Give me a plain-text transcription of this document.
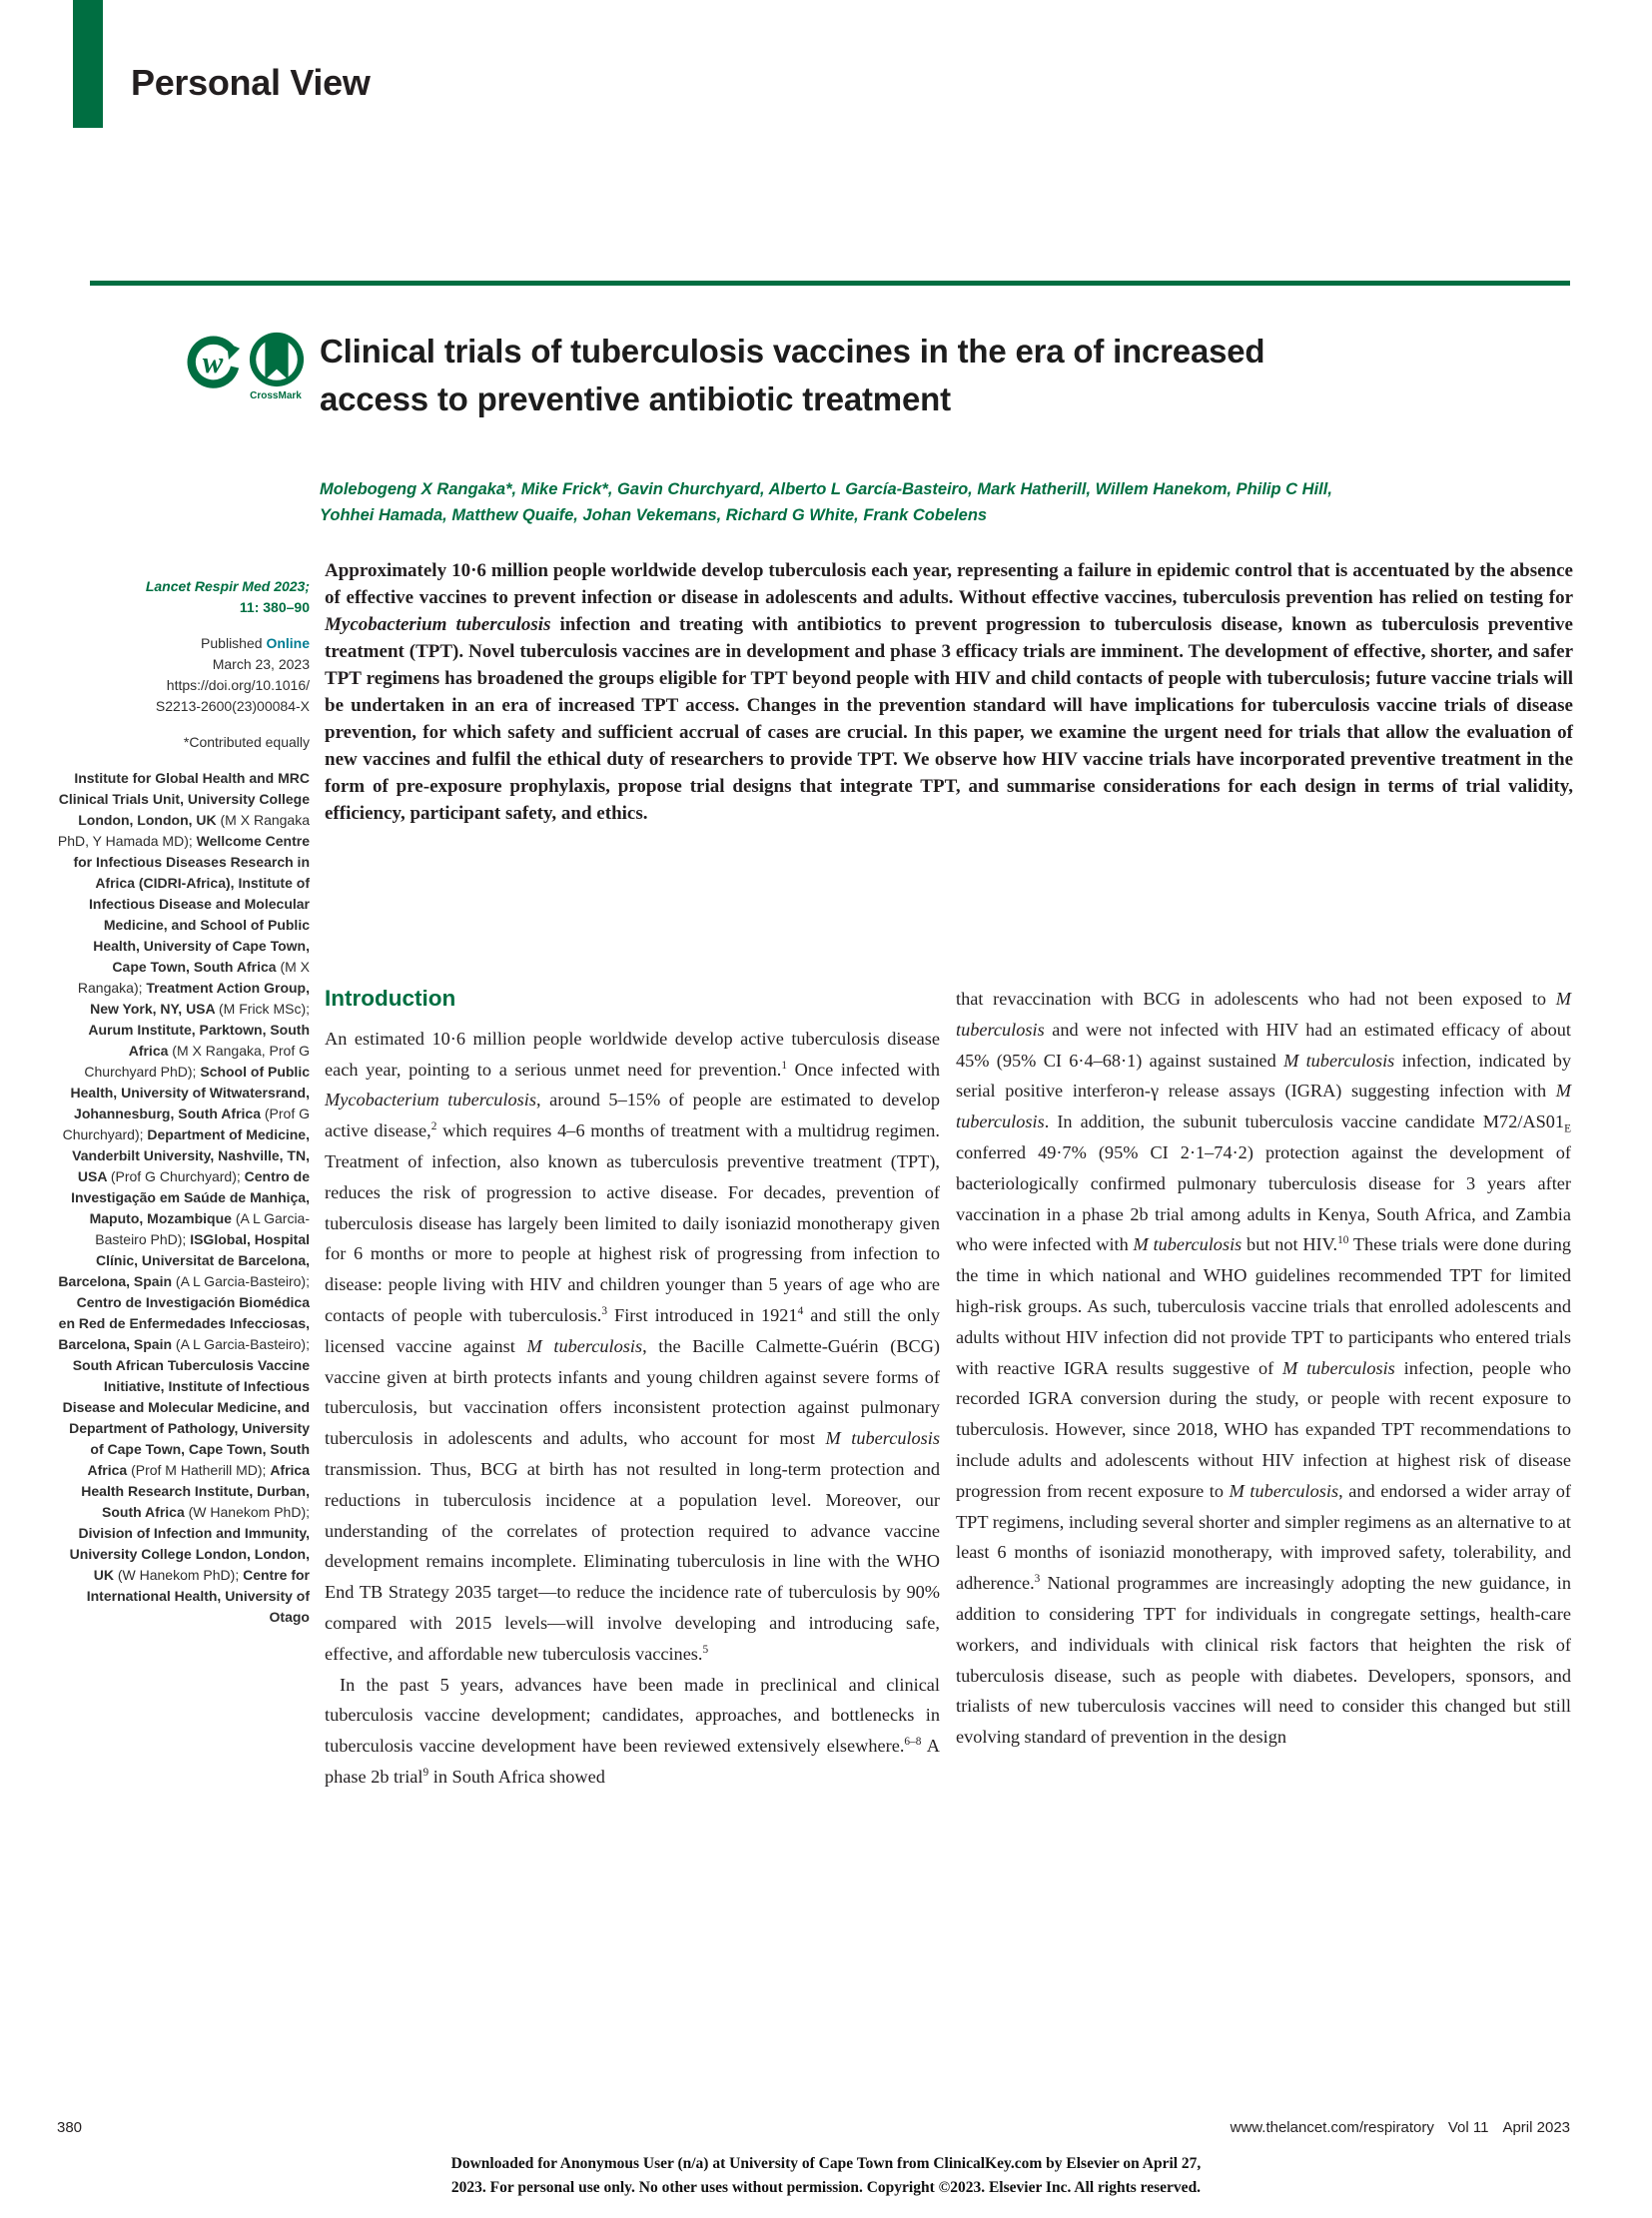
Personal View
w
CrossMark
Clinical trials of tuberculosis vaccines in the era of increased
access to preventive antibiotic treatment

Molebogeng X Rangaka*, Mike Frick*, Gavin Churchyard, Alberto L García-Basteiro, Mark Hatherill, Willem Hanekom, Philip C Hill,
Yohhei Hamada, Matthew Quaife, Johan Vekemans, Richard G White, Frank Cobelens

Lancet Respir Med 2023;
11: 380–90

Published Online
March 23, 2023
https://doi.org/10.1016/
S2213-2600(23)00084-X

*Contributed equally

Institute for Global Health and MRC Clinical Trials Unit, University College London, London, UK (M X Rangaka PhD, Y Hamada MD); Wellcome Centre for Infectious Diseases Research in Africa (CIDRI-Africa), Institute of Infectious Disease and Molecular Medicine, and School of Public Health, University of Cape Town, Cape Town, South Africa (M X Rangaka); Treatment Action Group, New York, NY, USA (M Frick MSc); Aurum Institute, Parktown, South Africa (M X Rangaka, Prof G Churchyard PhD); School of Public Health, University of Witwatersrand, Johannesburg, South Africa (Prof G Churchyard); Department of Medicine, Vanderbilt University, Nashville, TN, USA (Prof G Churchyard); Centro de Investigação em Saúde de Manhiça, Maputo, Mozambique (A L Garcia-Basteiro PhD); ISGlobal, Hospital Clínic, Universitat de Barcelona, Barcelona, Spain (A L Garcia-Basteiro); Centro de Investigación Biomédica en Red de Enfermedades Infecciosas, Barcelona, Spain (A L Garcia-Basteiro); South African Tuberculosis Vaccine Initiative, Institute of Infectious Disease and Molecular Medicine, and Department of Pathology, University of Cape Town, Cape Town, South Africa (Prof M Hatherill MD); Africa Health Research Institute, Durban, South Africa (W Hanekom PhD); Division of Infection and Immunity, University College London, London, UK (W Hanekom PhD); Centre for International Health, University of Otago

Approximately 10·6 million people worldwide develop tuberculosis each year, representing a failure in epidemic control that is accentuated by the absence of effective vaccines to prevent infection or disease in adolescents and adults. Without effective vaccines, tuberculosis prevention has relied on testing for Mycobacterium tuberculosis infection and treating with antibiotics to prevent progression to tuberculosis disease, known as tuberculosis preventive treatment (TPT). Novel tuberculosis vaccines are in development and phase 3 efficacy trials are imminent. The development of effective, shorter, and safer TPT regimens has broadened the groups eligible for TPT beyond people with HIV and child contacts of people with tuberculosis; future vaccine trials will be undertaken in an era of increased TPT access. Changes in the prevention standard will have implications for tuberculosis vaccine trials of disease prevention, for which safety and sufficient accrual of cases are crucial. In this paper, we examine the urgent need for trials that allow the evaluation of new vaccines and fulfil the ethical duty of researchers to provide TPT. We observe how HIV vaccine trials have incorporated preventive treatment in the form of pre-exposure prophylaxis, propose trial designs that integrate TPT, and summarise considerations for each design in terms of trial validity, efficiency, participant safety, and ethics.
Introduction

An estimated 10·6 million people worldwide develop active tuberculosis disease each year, pointing to a serious unmet need for prevention.$^1$ Once infected with Mycobacterium tuberculosis, around 5–15% of people are estimated to develop active disease,$^2$ which requires 4–6 months of treatment with a multidrug regimen. Treatment of infection, also known as tuberculosis preventive treatment (TPT), reduces the risk of progression to active disease. For decades, prevention of tuberculosis disease has largely been limited to daily isoniazid monotherapy given for 6 months or more to people at highest risk of progressing from infection to disease: people living with HIV and children younger than 5 years of age who are contacts of people with tuberculosis.$^3$ First introduced in 1921$^4$ and still the only licensed vaccine against M tuberculosis, the Bacille Calmette-Guérin (BCG) vaccine given at birth protects infants and young children against severe forms of tuberculosis, but vaccination offers inconsistent protection against pulmonary tuberculosis in adolescents and adults, who account for most M tuberculosis transmission. Thus, BCG at birth has not resulted in long-term protection and reductions in tuberculosis incidence at a population level. Moreover, our understanding of the correlates of protection required to advance vaccine development remains incomplete. Eliminating tuberculosis in line with the WHO End TB Strategy 2035 target—to reduce the incidence rate of tuberculosis by 90% compared with 2015 levels—will involve developing and introducing safe, effective, and affordable new tuberculosis vaccines.$^5$

In the past 5 years, advances have been made in preclinical and clinical tuberculosis vaccine development; candidates, approaches, and bottlenecks in tuberculosis vaccine development have been reviewed extensively elsewhere.$^{6-8}$ A phase 2b trial$^9$ in South Africa showed

that revaccination with BCG in adolescents who had not been exposed to M tuberculosis and were not infected with HIV had an estimated efficacy of about 45% (95% CI 6·4–68·1) against sustained M tuberculosis infection, indicated by serial positive interferon-γ release assays (IGRA) suggesting infection with M tuberculosis. In addition, the subunit tuberculosis vaccine candidate $M72/AS01_E$ conferred 49·7% (95% CI 2·1–74·2) protection against the development of bacteriologically confirmed pulmonary tuberculosis disease for 3 years after vaccination in a phase 2b trial among adults in Kenya, South Africa, and Zambia who were infected with M tuberculosis but not HIV.$^{10}$ These trials were done during the time in which national and WHO guidelines recommended TPT for limited high-risk groups. As such, tuberculosis vaccine trials that enrolled adolescents and adults without HIV infection did not provide TPT to participants who entered trials with reactive IGRA results suggestive of M tuberculosis infection, people who recorded IGRA conversion during the study, or people with recent exposure to tuberculosis. However, since 2018, WHO has expanded TPT recommendations to include adults and adolescents without HIV infection at highest risk of disease progression from recent exposure to M tuberculosis, and endorsed a wider array of TPT regimens, including several shorter and simpler regimens as an alternative to at least 6 months of isoniazid monotherapy, with improved safety, tolerability, and adherence.$^3$ National programmes are increasingly adopting the new guidance, in addition to considering TPT for individuals in congregate settings, health-care workers, and individuals with clinical risk factors that heighten the risk of tuberculosis disease, such as people with diabetes. Developers, sponsors, and trialists of new tuberculosis vaccines will need to consider this changed but still evolving standard of prevention in the design

380	www.thelancet.com/respiratory Vol 11 April 2023
Downloaded for Anonymous User (n/a) at University of Cape Town from ClinicalKey.com by Elsevier on April 27,
2023. For personal use only. No other uses without permission. Copyright ©2023. Elsevier Inc. All rights reserved.
